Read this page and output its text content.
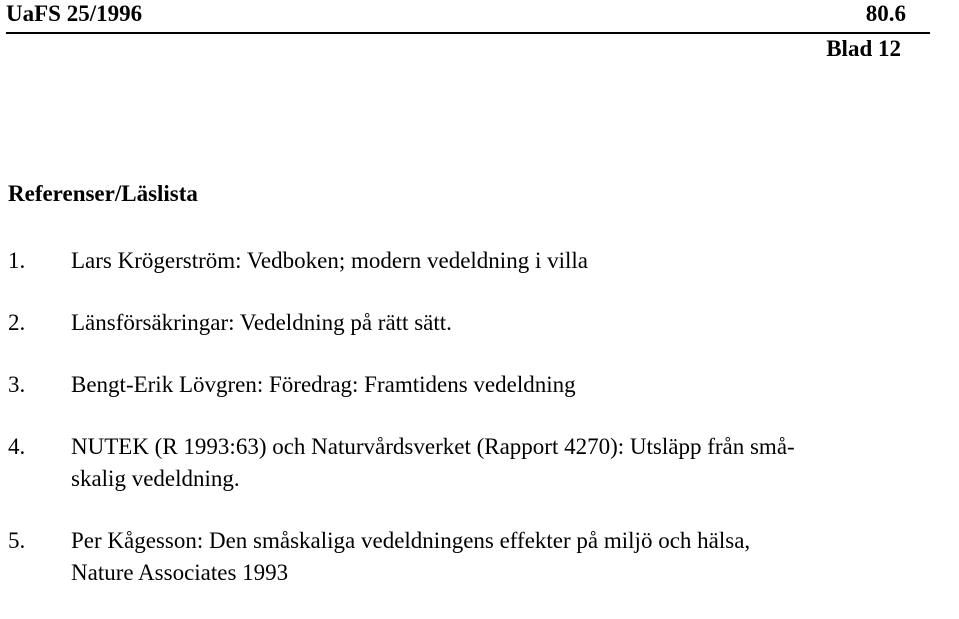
UaFS 25/1996	80.6
Blad 12
Referenser/Läslista
1.	Lars Krögerström: Vedboken; modern vedeldning i villa
2.	Länsförsäkringar: Vedeldning på rätt sätt.
3.	Bengt-Erik Lövgren: Föredrag: Framtidens vedeldning
4.	NUTEK (R 1993:63) och Naturvårdsverket (Rapport 4270): Utsläpp från små-
skalig vedeldning.
5.	Per Kågesson: Den småskaliga vedeldningens effekter på miljö och hälsa,
Nature Associates 1993
